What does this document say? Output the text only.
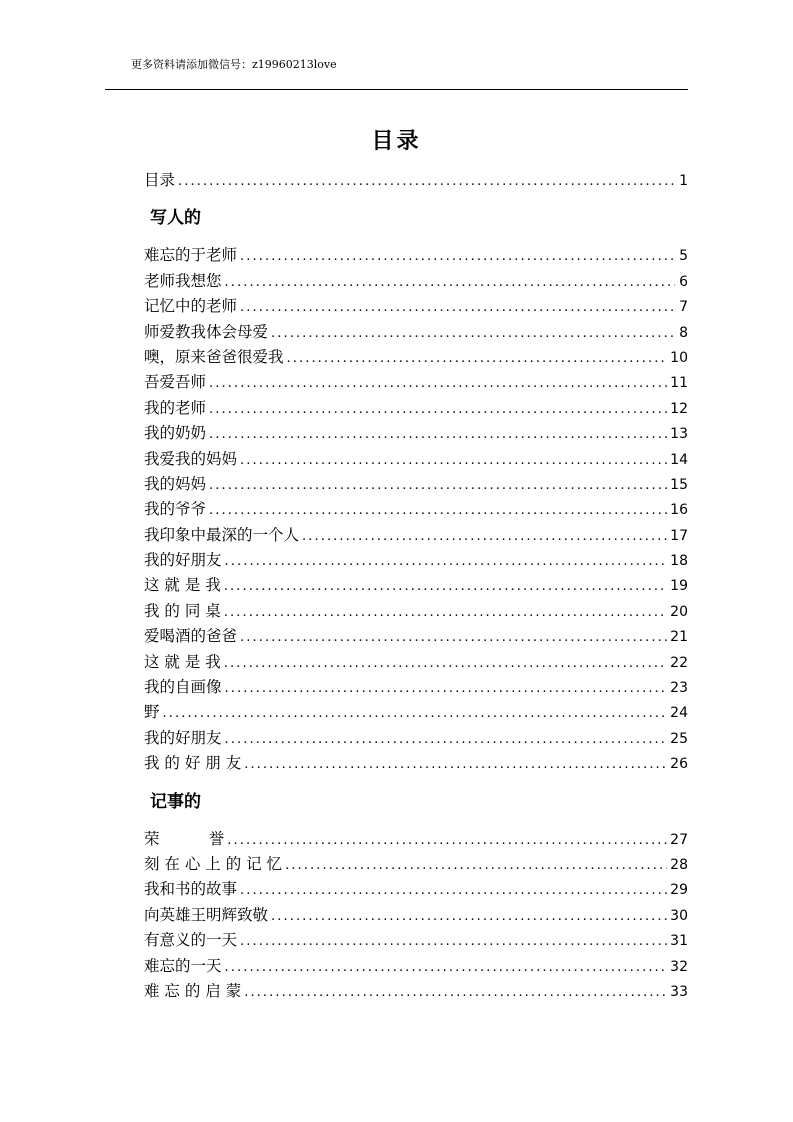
更多资料请添加微信号：z19960213love
目录
目录 .....	1
写人的
难忘的于老师 .....	5
老师我想您 .....	6
记忆中的老师 .....	7
师爱教我体会母爱 .....	8
噢，原来爸爸很爱我 .....	10
吾爱吾师 .....	11
我的老师 .....	12
我的奶奶 .....	13
我爱我的妈妈 .....	14
我的妈妈 .....	15
我的爷爷 .....	16
我印象中最深的一个人 .....	17
我的好朋友 .....	18
这 就 是 我 .....	19
我 的 同 桌 .....	20
爱喝酒的爸爸 .....	21
这 就 是 我 .....	22
我的自画像 .....	23
野 .....	24
我的好朋友 .....	25
我 的 好 朋 友 .....	26
记事的
荣          誉 .....	27
刻 在 心 上 的 记 忆 .....	28
我和书的故事 .....	29
向英雄王明辉致敬 .....	30
有意义的一天 .....	31
难忘的一天 .....	32
难 忘 的 启 蒙 .....	33
